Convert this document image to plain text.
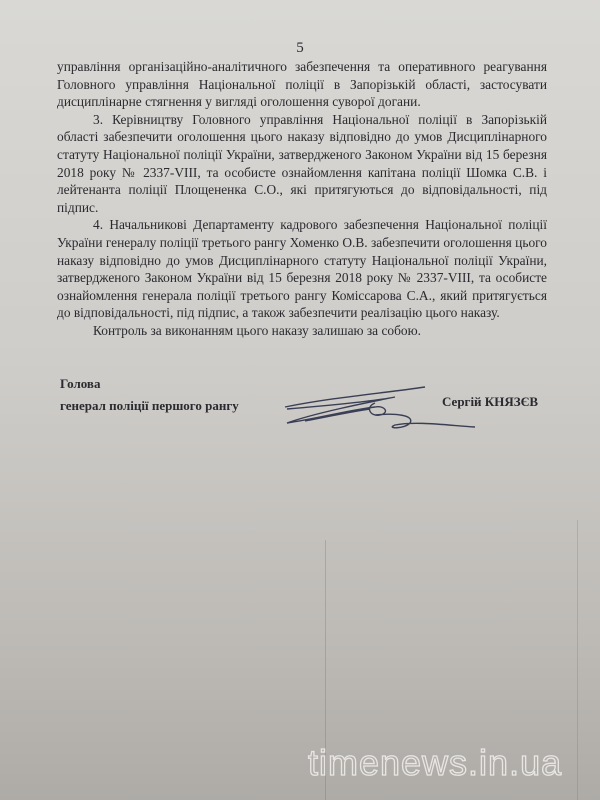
5

управління організаційно-аналітичного забезпечення та оперативного реагування Головного управління Національної поліції в Запорізькій області, застосувати дисциплінарне стягнення у вигляді оголошення суворої догани.

3. Керівництву Головного управління Національної поліції в Запорізькій області забезпечити оголошення цього наказу відповідно до умов Дисциплінарного статуту Національної поліції України, затвердженого Законом України від 15 березня 2018 року № 2337-VIII, та особисте ознайомлення капітана поліції Шомка С.В. і лейтенанта поліції Площененка С.О., які притягуються до відповідальності, під підпис.

4. Начальникові Департаменту кадрового забезпечення Національної поліції України генералу поліції третього рангу Хоменко О.В. забезпечити оголошення цього наказу відповідно до умов Дисциплінарного статуту Національної поліції України, затвердженого Законом України від 15 березня 2018 року № 2337-VIII, та особисте ознайомлення генерала поліції третього рангу Комісcарова С.А., який притягується до відповідальності, під підпис, а також забезпечити реалізацію цього наказу.

Контроль за виконанням цього наказу залишаю за собою.

Голова
генерал поліції першого рангу	Сергій КНЯЗЄВ
timenews.in.ua
